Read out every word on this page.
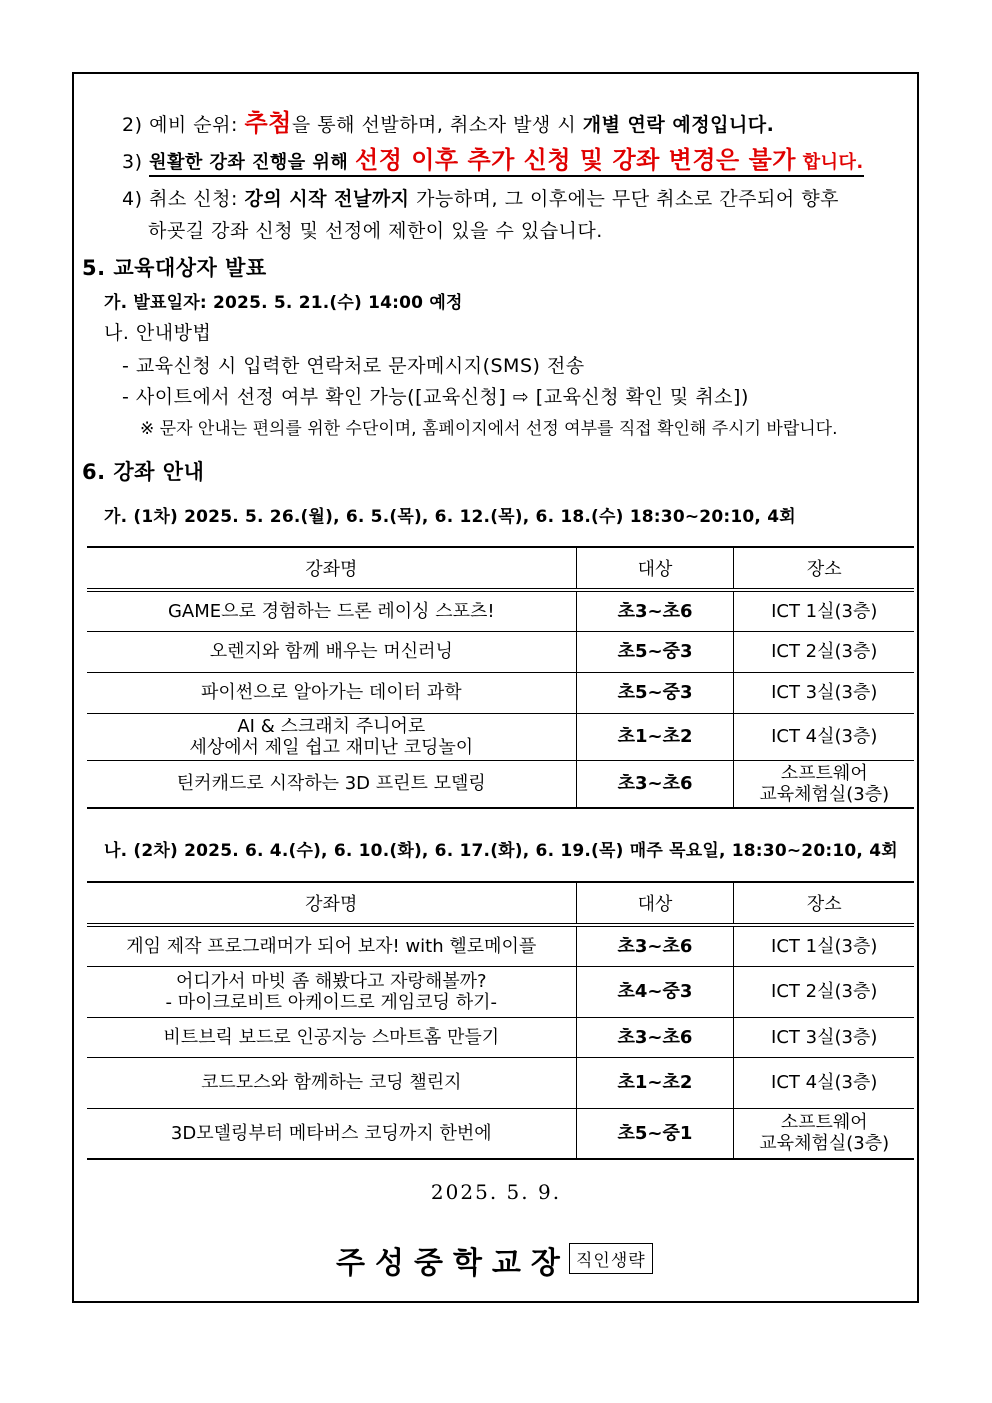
2) 예비 순위: 추첨을 통해 선발하며, 취소자 발생 시 개별 연락 예정입니다.
3) 원활한 강좌 진행을 위해 선정 이후 추가 신청 및 강좌 변경은 불가 합니다.
4) 취소 신청: 강의 시작 전날까지 가능하며, 그 이후에는 무단 취소로 간주되어 향후
하굣길 강좌 신청 및 선정에 제한이 있을 수 있습니다.
5. 교육대상자 발표
가. 발표일자: 2025. 5. 21.(수) 14:00 예정
나. 안내방법
- 교육신청 시 입력한 연락처로 문자메시지(SMS) 전송
- 사이트에서 선정 여부 확인 가능([교육신청] ⇨ [교육신청 확인 및 취소])
※ 문자 안내는 편의를 위한 수단이며, 홈페이지에서 선정 여부를 직접 확인해 주시기 바랍니다.
6. 강좌 안내
가. (1차) 2025. 5. 26.(월), 6. 5.(목), 6. 12.(목), 6. 18.(수) 18:30~20:10, 4회
강좌명	대상	장소
GAME으로 경험하는 드론 레이싱 스포츠!	초3~초6	ICT 1실(3층)
오렌지와 함께 배우는 머신러닝	초5~중3	ICT 2실(3층)
파이썬으로 알아가는 데이터 과학	초5~중3	ICT 3실(3층)

AI & 스크래치 주니어로
세상에서 제일 쉽고 재미난 코딩놀이	초1~초2	ICT 4실(3층)
틴커캐드로 시작하는 3D 프린트 모델링	초3~초6	소프트웨어
교육체험실(3층)
나. (2차) 2025. 6. 4.(수), 6. 10.(화), 6. 17.(화), 6. 19.(목) 매주 목요일, 18:30~20:10, 4회
강좌명	대상	장소
게임 제작 프로그래머가 되어 보자! with 헬로메이플	초3~초6	ICT 1실(3층)

어디가서 마빗 좀 해봤다고 자랑해볼까?
- 마이크로비트 아케이드로 게임코딩 하기-	초4~중3	ICT 2실(3층)
비트브릭 보드로 인공지능 스마트홈 만들기	초3~초6	ICT 3실(3층)
코드모스와 함께하는 코딩 챌린지	초1~초2	ICT 4실(3층)
3D모델링부터 메타버스 코딩까지 한번에	초5~중1	소프트웨어
교육체험실(3층)
2025. 5. 9.
주성중학교장 직인생략
